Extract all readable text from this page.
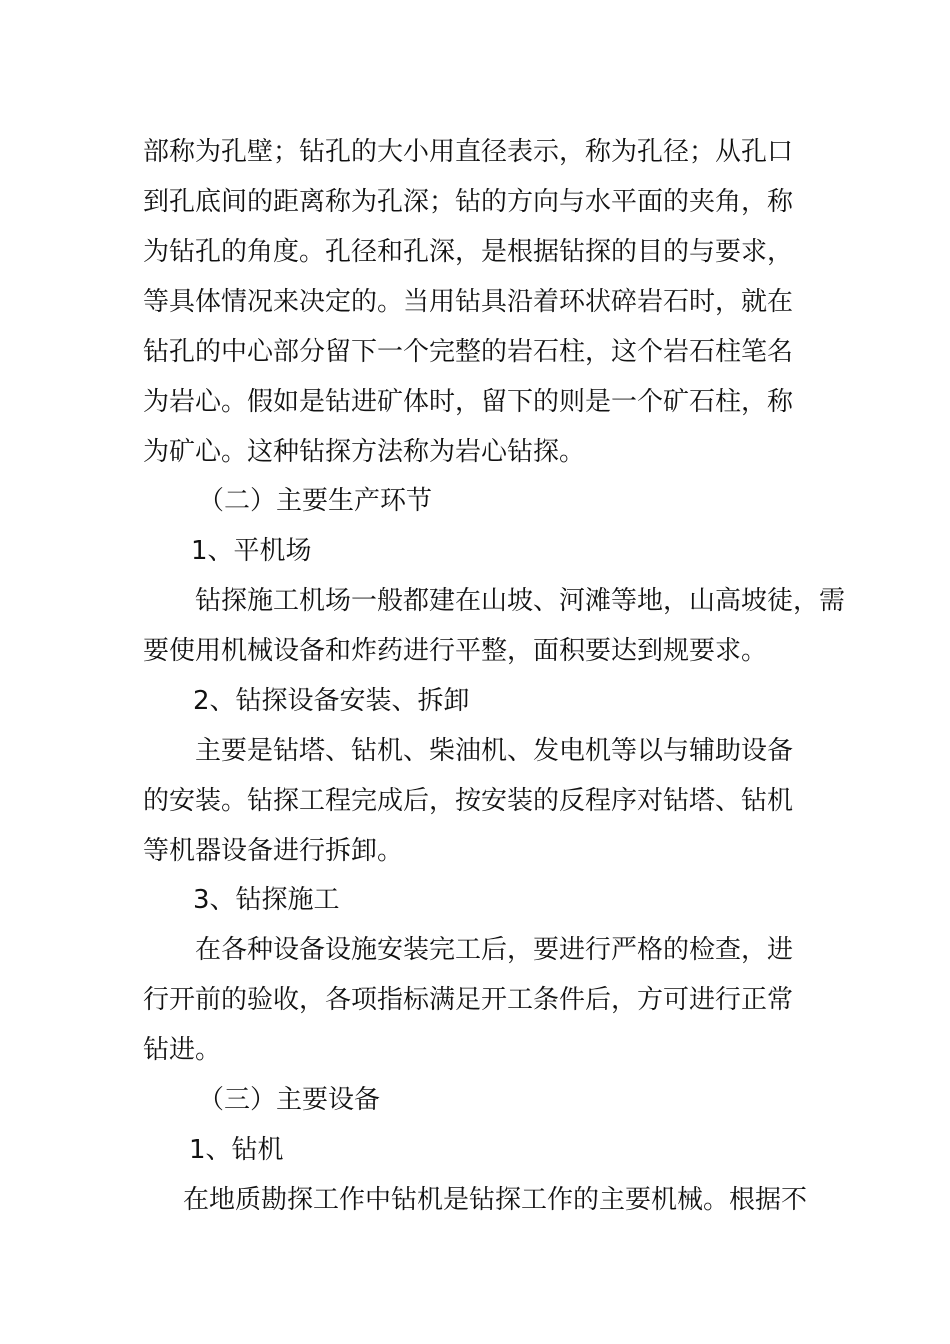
部称为孔壁；钻孔的大小用直径表示，称为孔径；从孔口
到孔底间的距离称为孔深；钻的方向与水平面的夹角，称
为钻孔的角度。孔径和孔深，是根据钻探的目的与要求，
等具体情况来决定的。当用钻具沿着环状碎岩石时，就在
钻孔的中心部分留下一个完整的岩石柱，这个岩石柱笔名
为岩心。假如是钻进矿体时，留下的则是一个矿石柱，称
为矿心。这种钻探方法称为岩心钻探。
（二）主要生产环节
1、平机场
钻探施工机场一般都建在山坡、河滩等地，山高坡徒，需
要使用机械设备和炸药进行平整，面积要达到规要求。
2、钻探设备安装、拆卸
主要是钻塔、钻机、柴油机、发电机等以与辅助设备
的安装。钻探工程完成后，按安装的反程序对钻塔、钻机
等机器设备进行拆卸。
3、钻探施工
在各种设备设施安装完工后，要进行严格的检查，进
行开前的验收，各项指标满足开工条件后，方可进行正常
钻进。
（三）主要设备
1、钻机
在地质勘探工作中钻机是钻探工作的主要机械。根据不
